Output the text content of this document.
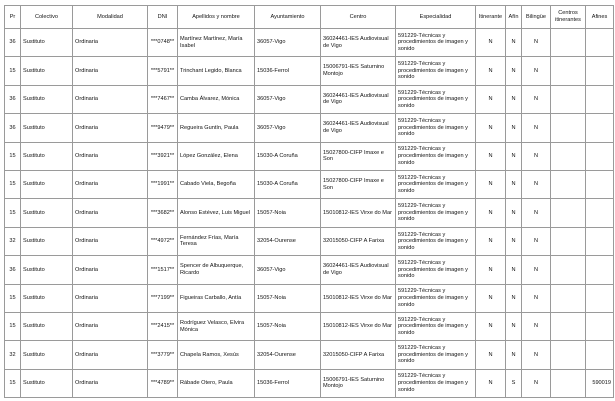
Pr	Colectivo	Modalidad	DNI	Apellidos y nombre	Ayuntamiento	Centro	Especialidad	Itinerante	Afín	Bilingüe	Centros itinerantes	Afines
36	Sustituto	Ordinaria	***0748**	Martínez Martínez, María Isabel	36057-Vigo	36024461-IES Audiovisual de Vigo	591229-Técnicas y procedimientos de imagen y sonido	N	N	N		
15	Sustituto	Ordinaria	***5791**	Trinchant Legido, Blanca	15036-Ferrol	15006791-IES Saturnino Montojo	591229-Técnicas y procedimientos de imagen y sonido	N	N	N		
36	Sustituto	Ordinaria	***7467**	Camba Álvarez, Mónica	36057-Vigo	36024461-IES Audiovisual de Vigo	591229-Técnicas y procedimientos de imagen y sonido	N	N	N		
36	Sustituto	Ordinaria	***9479**	Regueira Guntín, Paula	36057-Vigo	36024461-IES Audiovisual de Vigo	591229-Técnicas y procedimientos de imagen y sonido	N	N	N		
15	Sustituto	Ordinaria	***3921**	López González, Elena	15030-A Coruña	15027800-CIFP Imaxe e Son	591229-Técnicas y procedimientos de imagen y sonido	N	N	N		
15	Sustituto	Ordinaria	***1991**	Cabado Viela, Begoña	15030-A Coruña	15027800-CIFP Imaxe e Son	591229-Técnicas y procedimientos de imagen y sonido	N	N	N		
15	Sustituto	Ordinaria	***3682**	Alonso Estévez, Luis Miguel	15057-Noia	15010812-IES Virxe do Mar	591229-Técnicas y procedimientos de imagen y sonido	N	N	N		
32	Sustituto	Ordinaria	***4972**	Fernández Frías, María Teresa	32054-Ourense	32015050-CIFP A Farixa	591229-Técnicas y procedimientos de imagen y sonido	N	N	N		
36	Sustituto	Ordinaria	***1517**	Spencer de Albuquerque, Ricardo	36057-Vigo	36024461-IES Audiovisual de Vigo	591229-Técnicas y procedimientos de imagen y sonido	N	N	N		
15	Sustituto	Ordinaria	***7199**	Figueiras Carballo, Antía	15057-Noia	15010812-IES Virxe do Mar	591229-Técnicas y procedimientos de imagen y sonido	N	N	N		
15	Sustituto	Ordinaria	***2415**	Rodríguez Velasco, Elvira Mónica	15057-Noia	15010812-IES Virxe do Mar	591229-Técnicas y procedimientos de imagen y sonido	N	N	N		
32	Sustituto	Ordinaria	***3779**	Chapela Ramos, Xesús	32054-Ourense	32015050-CIFP A Farixa	591229-Técnicas y procedimientos de imagen y sonido	N	N	N		
15	Sustituto	Ordinaria	***4789**	Rábade Otero, Paula	15036-Ferrol	15006791-IES Saturnino Montojo	591229-Técnicas y procedimientos de imagen y sonido	N	S	N		590019
